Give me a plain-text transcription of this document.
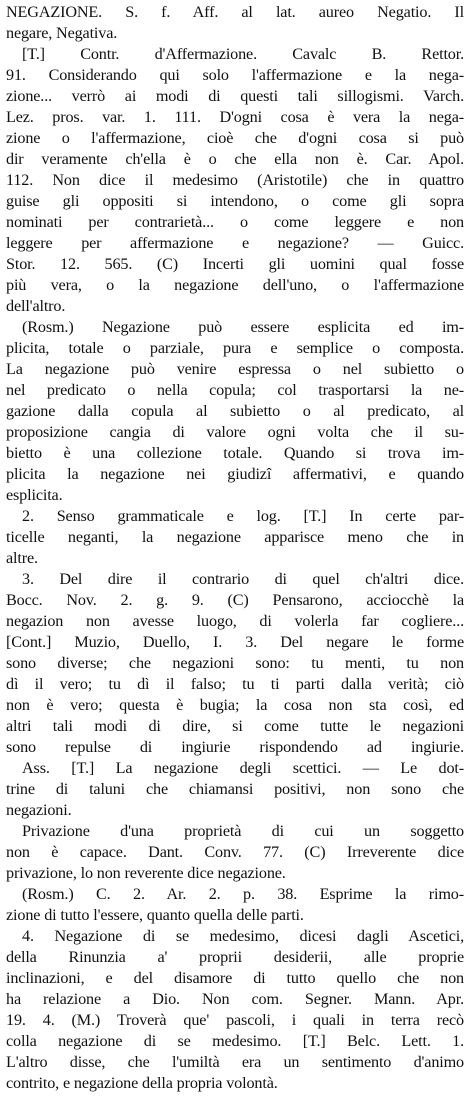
NEGAZIONE. S. f. Aff. al lat. aureo Negatio. Il
negare, Negativa.
[T.] Contr. d'Affermazione. Cavalc B. Rettor.
91. Considerando qui solo l'affermazione e la nega-
zione... verrò ai modi di questi tali sillogismi. Varch.
Lez. pros. var. 1. 111. D'ogni cosa è vera la nega-
zione o l'affermazione, cioè che d'ogni cosa si può
dir veramente ch'ella è o che ella non è. Car. Apol.
112. Non dice il medesimo (Aristotile) che in quattro
guise gli oppositi si intendono, o come gli sopra
nominati per contrarietà... o come leggere e non
leggere per affermazione e negazione? — Guicc.
Stor. 12. 565. (C) Incerti gli uomini qual fosse
più vera, o la negazione dell'uno, o l'affermazione
dell'altro.
(Rosm.) Negazione può essere esplicita ed im-
plicita, totale o parziale, pura e semplice o composta.
La negazione può venire espressa o nel subietto o
nel predicato o nella copula; col trasportarsi la ne-
gazione dalla copula al subietto o al predicato, al
proposizione cangia di valore ogni volta che il su-
bietto è una collezione totale. Quando si trova im-
plicita la negazione nei giudizî affermativi, e quando
esplicita.
2. Senso grammaticale e log. [T.] In certe par-
ticelle neganti, la negazione apparisce meno che in
altre.
3. Del dire il contrario di quel ch'altri dice.
Bocc. Nov. 2. g. 9. (C) Pensarono, acciocchè la
negazion non avesse luogo, di volerla far cogliere...
[Cont.] Muzio, Duello, I. 3. Del negare le forme
sono diverse; che negazioni sono: tu menti, tu non
dì il vero; tu dì il falso; tu ti parti dalla verità; ciò
non è vero; questa è bugia; la cosa non sta così, ed
altri tali modi di dire, si come tutte le negazioni
sono repulse di ingiurie rispondendo ad ingiurie.
Ass. [T.] La negazione degli scettici. — Le dot-
trine di taluni che chiamansi positivi, non sono che
negazioni.
Privazione d'una proprietà di cui un soggetto
non è capace. Dant. Conv. 77. (C) Irreverente dice
privazione, lo non reverente dice negazione.
(Rosm.) C. 2. Ar. 2. p. 38. Esprime la rimo-
zione di tutto l'essere, quanto quella delle parti.
4. Negazione di se medesimo, dicesi dagli Ascetici,
della Rinunzia a' proprii desiderii, alle proprie
inclinazioni, e del disamore di tutto quello che non
ha relazione a Dio. Non com. Segner. Mann. Apr.
19. 4. (M.) Troverà que' pascoli, i quali in terra recò
colla negazione di se medesimo. [T.] Belc. Lett. 1.
L'altro disse, che l'umiltà era un sentimento d'animo
contrito, e negazione della propria volontà.
